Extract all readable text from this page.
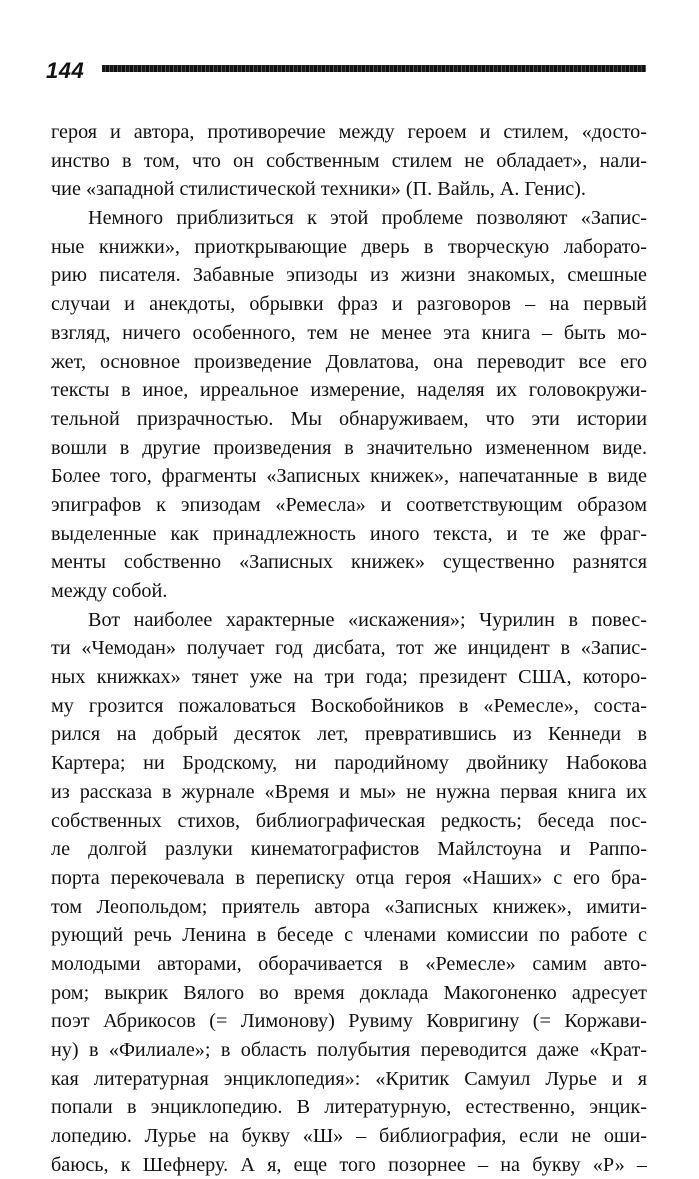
144
героя и автора, противоречие между героем и стилем, «досто-
инство в том, что он собственным стилем не обладает», нали-
чие «западной стилистической техники» (П. Вайль, А. Генис).
Немного приблизиться к этой проблеме позволяют «Запис-
ные книжки», приоткрывающие дверь в творческую лаборато-
рию писателя. Забавные эпизоды из жизни знакомых, смешные
случаи и анекдоты, обрывки фраз и разговоров – на первый
взгляд, ничего особенного, тем не менее эта книга – быть мо-
жет, основное произведение Довлатова, она переводит все его
тексты в иное, ирреальное измерение, наделяя их головокружи-
тельной призрачностью. Мы обнаруживаем, что эти истории
вошли в другие произведения в значительно измененном виде.
Более того, фрагменты «Записных книжек», напечатанные в виде
эпиграфов к эпизодам «Ремесла» и соответствующим образом
выделенные как принадлежность иного текста, и те же фраг-
менты собственно «Записных книжек» существенно разнятся
между собой.
Вот наиболее характерные «искажения»; Чурилин в повес-
ти «Чемодан» получает год дисбата, тот же инцидент в «Запис-
ных книжках» тянет уже на три года; президент США, которо-
му грозится пожаловаться Воскобойников в «Ремесле», соста-
рился на добрый десяток лет, превратившись из Кеннеди в
Картера; ни Бродскому, ни пародийному двойнику Набокова
из рассказа в журнале «Время и мы» не нужна первая книга их
собственных стихов, библиографическая редкость; беседа пос-
ле долгой разлуки кинематографистов Майлстоуна и Раппо-
порта перекочевала в переписку отца героя «Наших» с его бра-
том Леопольдом; приятель автора «Записных книжек», имити-
рующий речь Ленина в беседе с членами комиссии по работе с
молодыми авторами, оборачивается в «Ремесле» самим авто-
ром; выкрик Вялого во время доклада Макогоненко адресует
поэт Абрикосов (= Лимонову) Рувиму Ковригину (= Коржави-
ну) в «Филиале»; в область полубытия переводится даже «Крат-
кая литературная энциклопедия»: «Критик Самуил Лурье и я
попали в энциклопедию. В литературную, естественно, энцик-
лопедию. Лурье на букву «Ш» – библиография, если не оши-
баюсь, к Шефнеру. А я, еще того позорнее – на букву «Р» –
